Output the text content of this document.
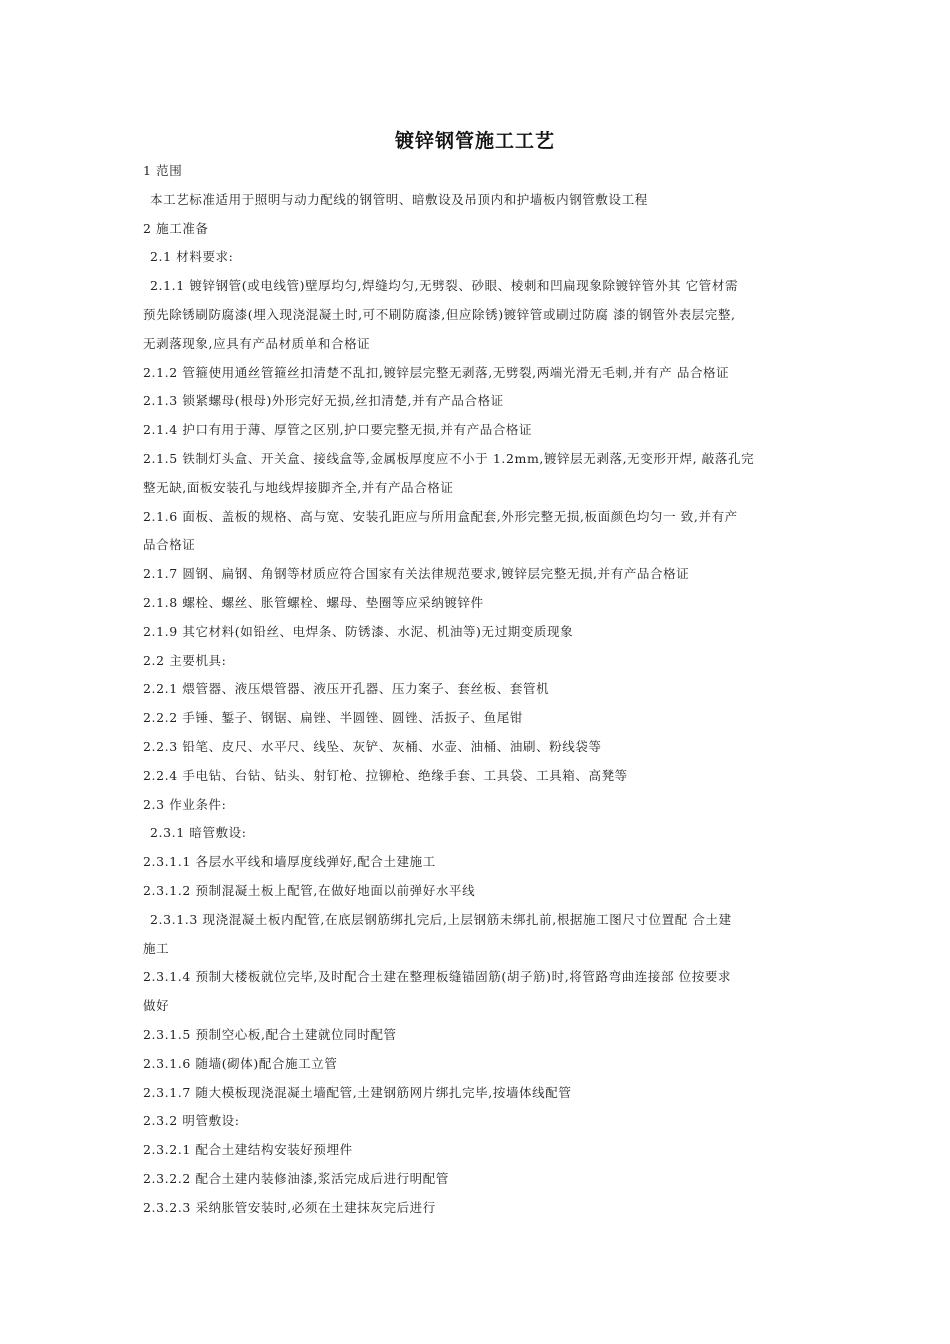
镀锌钢管施工工艺
1 范围
本工艺标准适用于照明与动力配线的钢管明、暗敷设及吊顶内和护墙板内钢管敷设工程
2 施工准备
2.1 材料要求:
2.1.1 镀锌钢管(或电线管)壁厚均匀,焊缝均匀,无劈裂、砂眼、棱刺和凹扁现象除镀锌管外其 它管材需
预先除锈刷防腐漆(埋入现浇混凝土时,可不刷防腐漆,但应除锈)镀锌管或刷过防腐 漆的钢管外表层完整,
无剥落现象,应具有产品材质单和合格证
2.1.2 管箍使用通丝管箍丝扣清楚不乱扣,镀锌层完整无剥落,无劈裂,两端光滑无毛刺,并有产 品合格证
2.1.3 锁紧螺母(根母)外形完好无损,丝扣清楚,并有产品合格证
2.1.4 护口有用于薄、厚管之区别,护口要完整无损,并有产品合格证
2.1.5 铁制灯头盒、开关盒、接线盒等,金属板厚度应不小于 1.2mm,镀锌层无剥落,无变形开焊, 敲落孔完
整无缺,面板安装孔与地线焊接脚齐全,并有产品合格证
2.1.6 面板、盖板的规格、高与宽、安装孔距应与所用盒配套,外形完整无损,板面颜色均匀一 致,并有产
品合格证
2.1.7 圆钢、扁钢、角钢等材质应符合国家有关法律规范要求,镀锌层完整无损,并有产品合格证
2.1.8 螺栓、螺丝、胀管螺栓、螺母、垫圈等应采纳镀锌件
2.1.9 其它材料(如铅丝、电焊条、防锈漆、水泥、机油等)无过期变质现象
2.2 主要机具:
2.2.1 煨管器、液压煨管器、液压开孔器、压力案子、套丝板、套管机
2.2.2 手锤、錾子、钢锯、扁锉、半圆锉、圆锉、活扳子、鱼尾钳
2.2.3 铅笔、皮尺、水平尺、线坠、灰铲、灰桶、水壶、油桶、油刷、粉线袋等
2.2.4 手电钻、台钻、钻头、射钉枪、拉铆枪、绝缘手套、工具袋、工具箱、高凳等
2.3 作业条件:
2.3.1 暗管敷设:
2.3.1.1 各层水平线和墙厚度线弹好,配合土建施工
2.3.1.2 预制混凝土板上配管,在做好地面以前弹好水平线
2.3.1.3 现浇混凝土板内配管,在底层钢筋绑扎完后,上层钢筋未绑扎前,根据施工图尺寸位置配 合土建
施工
2.3.1.4 预制大楼板就位完毕,及时配合土建在整理板缝锚固筋(胡子筋)时,将管路弯曲连接部 位按要求
做好
2.3.1.5 预制空心板,配合土建就位同时配管
2.3.1.6 随墙(砌体)配合施工立管
2.3.1.7 随大模板现浇混凝土墙配管,土建钢筋网片绑扎完毕,按墙体线配管
2.3.2 明管敷设:
2.3.2.1 配合土建结构安装好预埋件
2.3.2.2 配合土建内装修油漆,浆活完成后进行明配管
2.3.2.3 采纳胀管安装时,必须在土建抹灰完后进行
